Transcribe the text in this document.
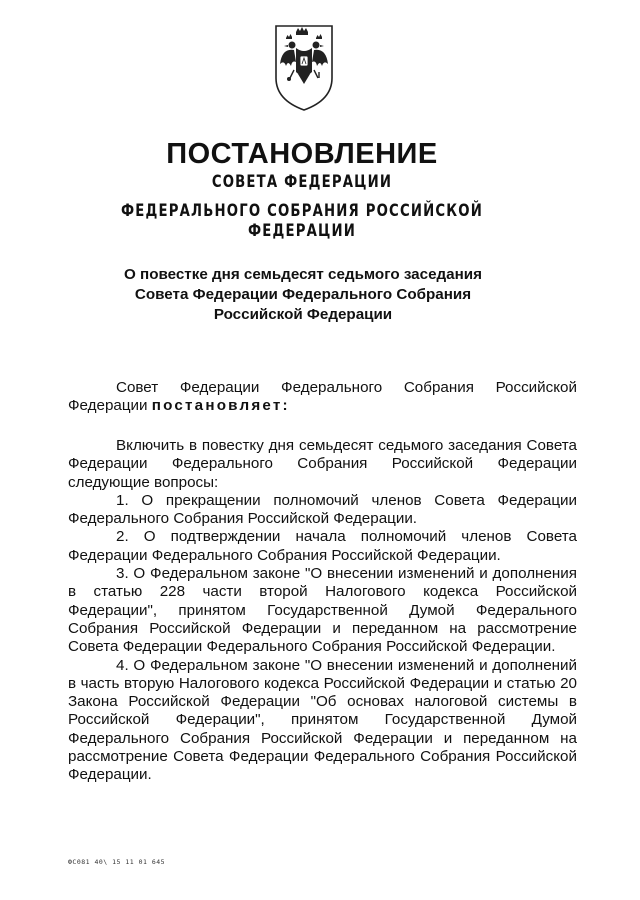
ПОСТАНОВЛЕНИЕ
СОВЕТА ФЕДЕРАЦИИ
ФЕДЕРАЛЬНОГО СОБРАНИЯ РОССИЙСКОЙ ФЕДЕРАЦИИ
О повестке дня семьдесят седьмого заседания
Совета Федерации Федерального Собрания
Российской Федерации

Совет Федерации Федерального Собрания Российской Федерации постановляет:

Включить в повестку дня семьдесят седьмого заседания Совета Федерации Федерального Собрания Российской Федерации следующие вопросы:

1. О прекращении полномочий членов Совета Федерации Федерального Собрания Российской Федерации.

2. О подтверждении начала полномочий членов Совета Федерации Федерального Собрания Российской Федерации.

3. О Федеральном законе "О внесении изменений и дополнения в статью 228 части второй Налогового кодекса Российской Федерации", принятом Государственной Думой Федерального Собрания Российской Федерации и переданном на рассмотрение Совета Федерации Федерального Собрания Российской Федерации.

4. О Федеральном законе "О внесении изменений и дополнений в часть вторую Налогового кодекса Российской Федерации и статью 20 Закона Российской Федерации "Об основах налоговой системы в Российской Федерации", принятом Государственной Думой Федерального Собрания Российской Федерации и переданном на рассмотрение Совета Федерации Федерального Собрания Российской Федерации.

ФС081 40\ 15 11 01 645
